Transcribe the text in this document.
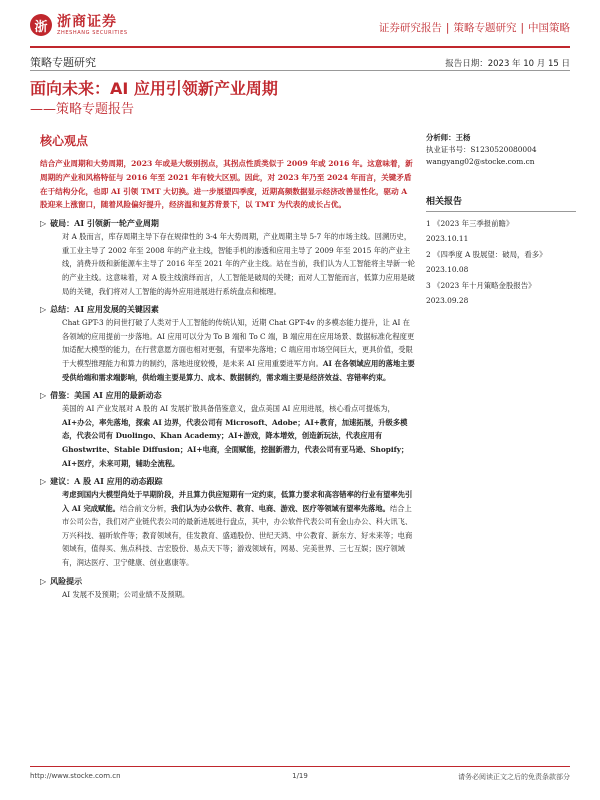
浙 浙商证券
ZHESHANG SECURITIES	证券研究报告 | 策略专题研究 | 中国策略
策略专题研究	报告日期：2023 年 10 月 15 日
面向未来：AI 应用引领新产业周期
——策略专题报告
核心观点
结合产业周期和大势周期，2023 年或是大级别拐点，其拐点性质类似于 2009 年或 2016 年。这意味着，新周期的产业和风格特征与 2016 年至 2021 年有较大区别。因此，对 2023 年乃至 2024 年而言，关键矛盾在于结构分化，也即 AI 引领 TMT 大切换。进一步展望四季度，近期高频数据显示经济改善显性化，驱动 A 股迎来上涨窗口，随着风险偏好提升，经济温和复苏背景下，以 TMT 为代表的成长占优。
▷ 破局：AI 引领新一轮产业周期
对 A 股而言，库存周期主导下存在规律性的 3-4 年大势周期，产业周期主导 5-7 年的市场主线。回溯历史，重工业主导了 2002 年至 2008 年的产业主线，智能手机的渗透和应用主导了 2009 年至 2015 年的产业主线，消费升级和新能源车主导了 2016 年至 2021 年的产业主线。站在当前，我们认为人工智能将主导新一轮的产业主线。这意味着，对 A 股主线演绎而言，人工智能是破局的关键；而对人工智能而言，低算力应用是破局的关键，我们将对人工智能的海外应用进展进行系统盘点和梳理。
▷ 总结：AI 应用发展的关键因素
Chat GPT-3 的问世打破了人类对于人工智能的传统认知，近期 Chat GPT-4v 的多模态能力提升，让 AI 在各领域的应用提前一步落地。AI 应用可以分为 To B 端和 To C 端，B 端应用在应用场景、数据标准化程度更加适配大模型的能力，在行营意愿方面也相对更强，有望率先落地；C 端应用市场空间巨大，更具价值，受限于大模型推理能力和算力的制约，落地进度较慢，是未来 AI 应用重要进军方向。AI 在各领域应用的落地主要受供给端和需求端影响，供给端主要是算力、成本、数据制约，需求端主要是经济效益、容错率约束。
▷ 借鉴：美国 AI 应用的最新动态
美国的 AI 产业发展对 A 股的 AI 发展扩散具备借鉴意义，盘点美国 AI 应用进展，核心看点可提炼为，AI+办公，率先落地，探索 AI 边界，代表公司有 Microsoft、Adobe；AI+教育，加速拓展，升级多模态，代表公司有 Duolingo、Khan Academy；AI+游戏，降本增效，创造新玩法，代表应用有 Ghostwrite、Stable Diffusion；AI+电商，全面赋能，挖掘新潜力，代表公司有亚马逊、Shopify；AI+医疗，未来可期，辅助全流程。
▷ 建议：A 股 AI 应用的动态跟踪
考虑到国内大模型尚处于早期阶段，并且算力供应短期有一定约束，低算力要求和高容错率的行业有望率先引入 AI 完成赋能。结合前文分析，我们认为办公软件、教育、电商、游戏、医疗等领域有望率先落地。结合上市公司公告，我们对产业链代表公司的最新进展进行盘点，其中，办公软件代表公司有金山办公、科大讯飞、万兴科技、福昕软件等；教育领域有，佳发教育、盛通股份、世纪天鸿、中公教育、新东方、好未来等；电商领域有，值得买、焦点科技、吉宏股份、易点天下等；游戏领域有，网易、完美世界、三七互娱；医疗领域有，润达医疗、卫宁健康、创业惠康等。
▷ 风险提示
AI 发展不及预期；公司业绩不及预期。
分析师：王杨
执业证书号：S1230520080004
wangyang02@stocke.com.cn
相关报告
1 《2023 年三季报前瞻》
2023.10.11
2 《四季度 A 股展望：破局，看多》
2023.10.08
3 《2023 年十月策略金股报告》
2023.09.28
http://www.stocke.com.cn	1/19	请务必阅读正文之后的免责条款部分
